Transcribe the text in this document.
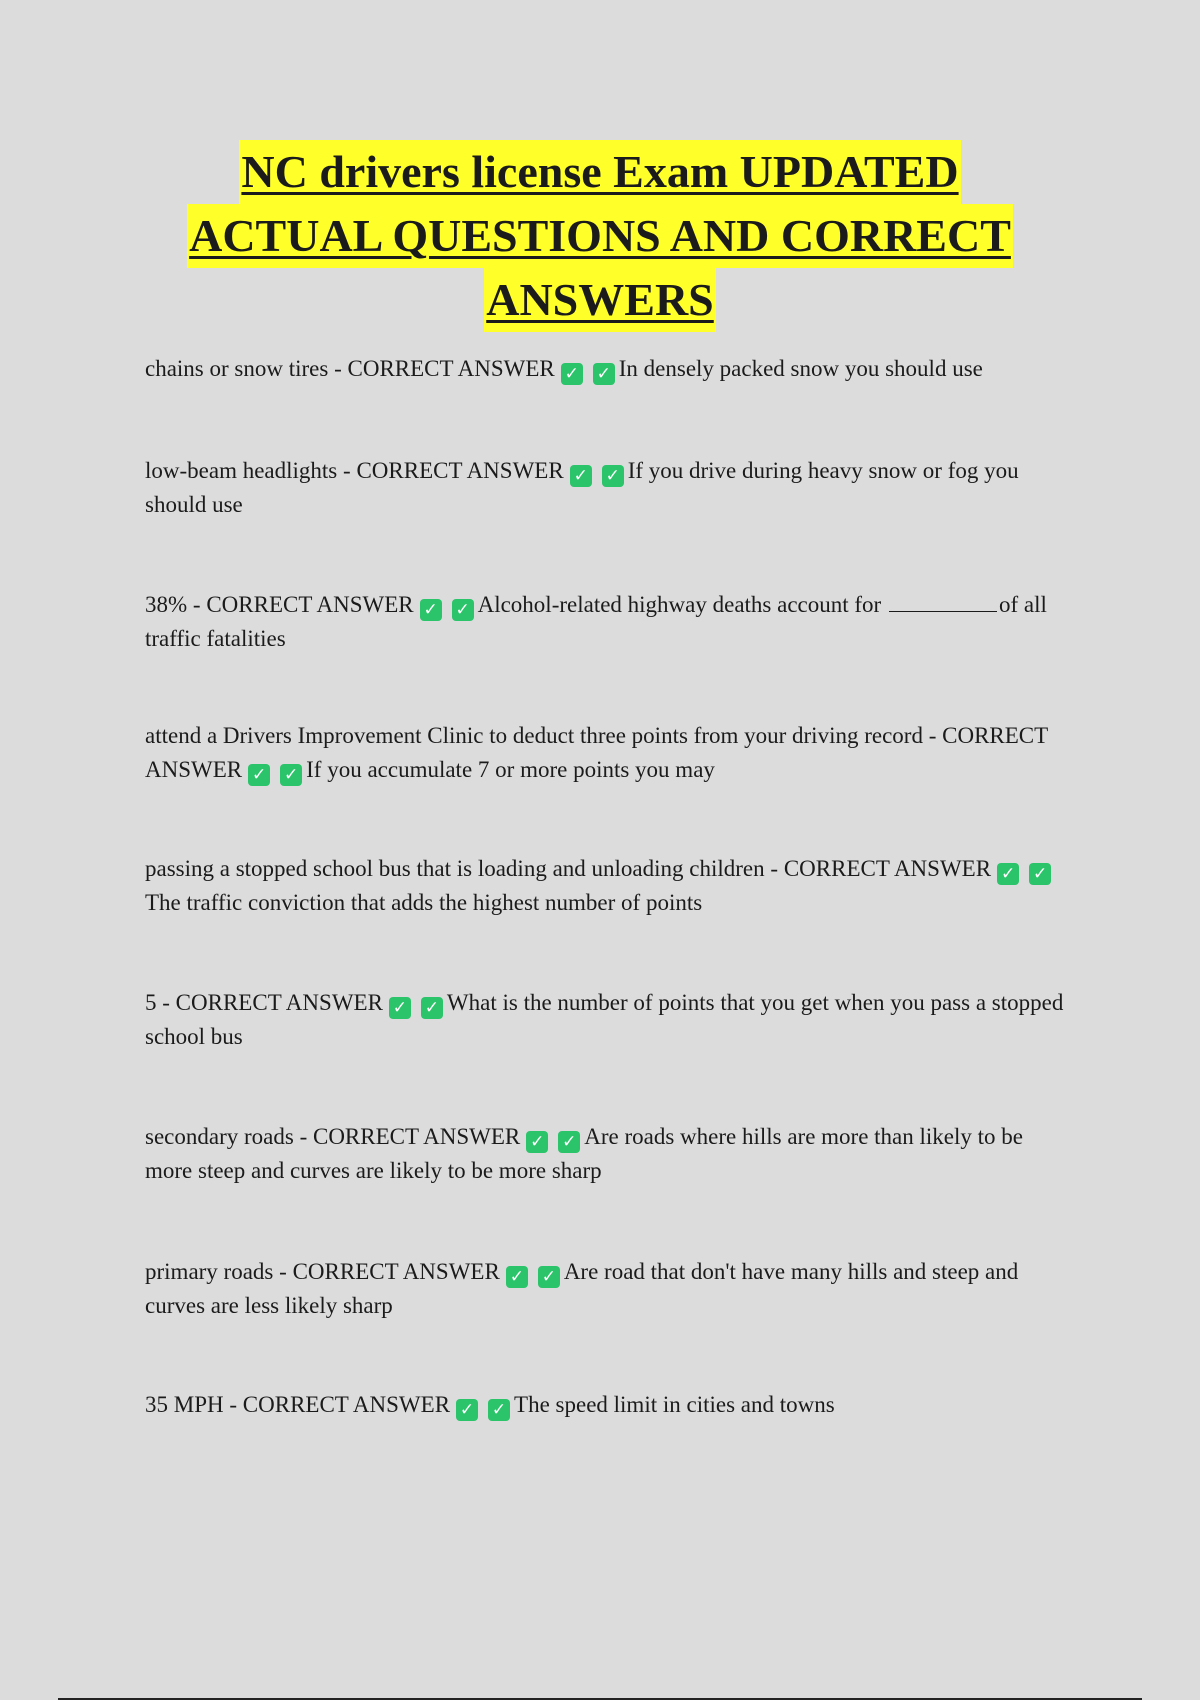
NC drivers license Exam UPDATED
ACTUAL QUESTIONS AND CORRECT
ANSWERS

chains or snow tires - CORRECT ANSWER ✓ ✓ In densely packed snow you should use

low-beam headlights - CORRECT ANSWER ✓ ✓ If you drive during heavy snow or fog you should use

38% - CORRECT ANSWER ✓ ✓ Alcohol-related highway deaths account for	of all traffic fatalities

attend a Drivers Improvement Clinic to deduct three points from your driving record - CORRECT ANSWER ✓ ✓ If you accumulate 7 or more points you may

passing a stopped school bus that is loading and unloading children - CORRECT ANSWER ✓ ✓The traffic conviction that adds the highest number of points

5 - CORRECT ANSWER ✓ ✓ What is the number of points that you get when you pass a stopped school bus

secondary roads - CORRECT ANSWER ✓ ✓ Are roads where hills are more than likely to be more steep and curves are likely to be more sharp

primary roads - CORRECT ANSWER ✓ ✓ Are road that don't have many hills and steep and curves are less likely sharp

35 MPH - CORRECT ANSWER ✓ ✓ The speed limit in cities and towns
